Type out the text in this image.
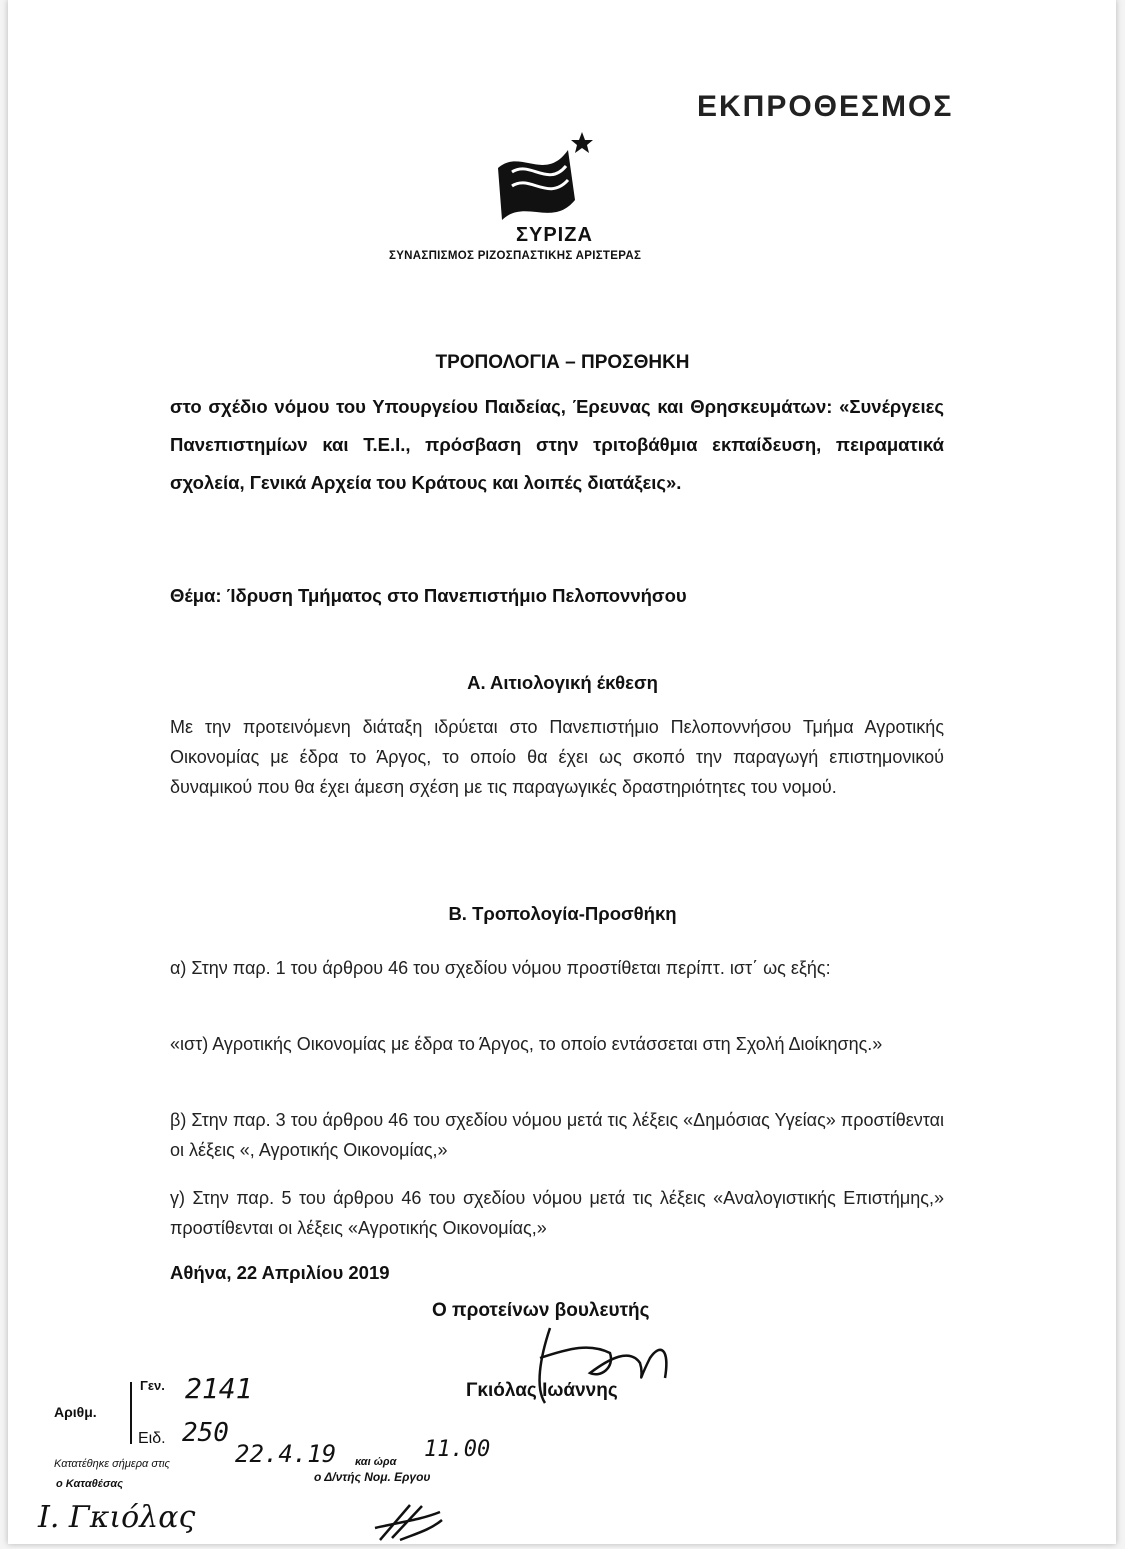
ΕΚΠΡΟΘΕΣΜΟΣ
ΣΥΡΙΖΑ
ΣΥΝΑΣΠΙΣΜΟΣ ΡΙΖΟΣΠΑΣΤΙΚΗΣ ΑΡΙΣΤΕΡΑΣ
ΤΡΟΠΟΛΟΓΙΑ – ΠΡΟΣΘΗΚΗ
στο σχέδιο νόμου του Υπουργείου Παιδείας, Έρευνας και Θρησκευμάτων: «Συνέργειες Πανεπιστημίων και Τ.Ε.Ι., πρόσβαση στην τριτοβάθμια εκπαίδευση, πειραματικά σχολεία, Γενικά Αρχεία του Κράτους και λοιπές διατάξεις».
Θέμα: Ίδρυση Τμήματος στο Πανεπιστήμιο Πελοποννήσου
Α. Αιτιολογική έκθεση
Με την προτεινόμενη διάταξη ιδρύεται στο Πανεπιστήμιο Πελοποννήσου Τμήμα Αγροτικής Οικονομίας με έδρα το Άργος, το οποίο θα έχει ως σκοπό την παραγωγή επιστημονικού δυναμικού που θα έχει άμεση σχέση με τις παραγωγικές δραστηριότητες του νομού.
Β. Τροπολογία-Προσθήκη
α) Στην παρ. 1 του άρθρου 46 του σχεδίου νόμου προστίθεται περίπτ. ιστ΄ ως εξής:
«ιστ) Αγροτικής Οικονομίας με έδρα το Άργος, το οποίο εντάσσεται στη Σχολή Διοίκησης.»
β) Στην παρ. 3 του άρθρου 46 του σχεδίου νόμου μετά τις λέξεις «Δημόσιας Υγείας» προστίθενται οι λέξεις «, Αγροτικής Οικονομίας,»
γ) Στην παρ. 5 του άρθρου 46 του σχεδίου νόμου μετά τις λέξεις «Αναλογιστικής Επιστήμης,» προστίθενται οι λέξεις «Αγροτικής Οικονομίας,»
Αθήνα, 22 Απριλίου 2019
Ο προτείνων βουλευτής
Γκιόλας Ιωάννης
Αριθμ.
Γεν. 2141
Ειδ. 250
Κατατέθηκε σήμερα στις	22.4.19 και ώρα 11.00
ο Καταθέσας	ο Δ/ντής Νομ. Εργου
Ι. Γκιόλας
